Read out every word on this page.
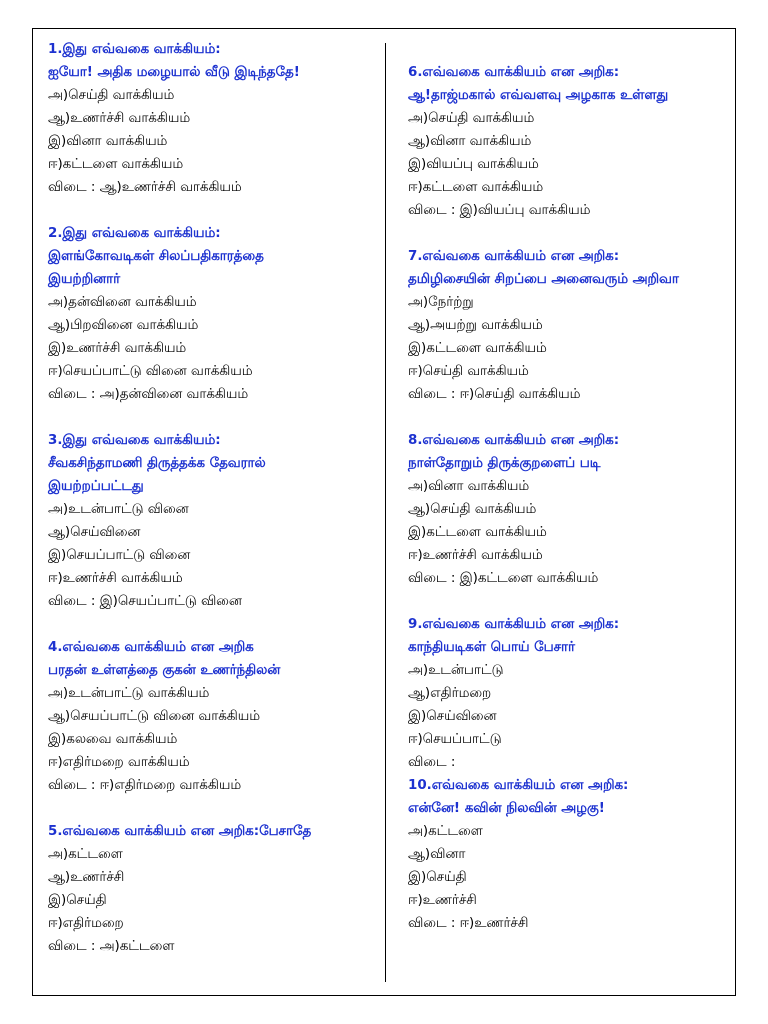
1.இது எவ்வகை வாக்கியம்:
ஐயோ! அதிக மழையால் வீடு இடிந்ததே!
அ)செய்தி வாக்கியம்
ஆ)உணர்ச்சி வாக்கியம்
இ)வினா வாக்கியம்
ஈ)கட்டளை வாக்கியம்
விடை : ஆ)உணர்ச்சி வாக்கியம்
2.இது எவ்வகை வாக்கியம்:
இளங்கோவடிகள் சிலப்பதிகாரத்தை
இயற்றினார்
அ)தன்வினை வாக்கியம்
ஆ)பிறவினை வாக்கியம்
இ)உணர்ச்சி வாக்கியம்
ஈ)செயப்பாட்டு வினை வாக்கியம்
விடை : அ)தன்வினை வாக்கியம்
3.இது எவ்வகை வாக்கியம்:
சீவகசிந்தாமணி திருத்தக்க தேவரால்
இயற்றப்பட்டது
அ)உடன்பாட்டு வினை
ஆ)செய்வினை
இ)செயப்பாட்டு வினை
ஈ)உணர்ச்சி வாக்கியம்
விடை : இ)செயப்பாட்டு வினை
4.எவ்வகை வாக்கியம் என அறிக
பரதன் உள்ளத்தை குகன் உணர்ந்திலன்
அ)உடன்பாட்டு வாக்கியம்
ஆ)செயப்பாட்டு வினை வாக்கியம்
இ)கலவை வாக்கியம்
ஈ)எதிர்மறை வாக்கியம்
விடை : ஈ)எதிர்மறை வாக்கியம்
5.எவ்வகை வாக்கியம் என அறிக:பேசாதே
அ)கட்டளை
ஆ)உணர்ச்சி
இ)செய்தி
ஈ)எதிர்மறை
விடை : அ)கட்டளை
6.எவ்வகை வாக்கியம் என அறிக:
ஆ!தாஜ்மகால் எவ்வளவு அழகாக உள்ளது
அ)செய்தி வாக்கியம்
ஆ)வினா வாக்கியம்
இ)வியப்பு வாக்கியம்
ஈ)கட்டளை வாக்கியம்
விடை : இ)வியப்பு வாக்கியம்
7.எவ்வகை வாக்கியம் என அறிக:
தமிழிசையின் சிறப்பை அனைவரும் அறிவா
அ)நேர்ற்று
ஆ)அயற்று வாக்கியம்
இ)கட்டளை வாக்கியம்
ஈ)செய்தி வாக்கியம்
விடை : ஈ)செய்தி வாக்கியம்
8.எவ்வகை வாக்கியம் என அறிக:
நாள்தோறும் திருக்குறளைப் படி
அ)வினா வாக்கியம்
ஆ)செய்தி வாக்கியம்
இ)கட்டளை வாக்கியம்
ஈ)உணர்ச்சி வாக்கியம்
விடை : இ)கட்டளை வாக்கியம்
9.எவ்வகை வாக்கியம் என அறிக:
காந்தியடிகள் பொய் பேசார்
அ)உடன்பாட்டு
ஆ)எதிர்மறை
இ)செய்வினை
ஈ)செயப்பாட்டு
விடை :
10.எவ்வகை வாக்கியம் என அறிக:
என்னே! கவின் நிலவின் அழகு!
அ)கட்டளை
ஆ)வினா
இ)செய்தி
ஈ)உணர்ச்சி
விடை : ஈ)உணர்ச்சி
